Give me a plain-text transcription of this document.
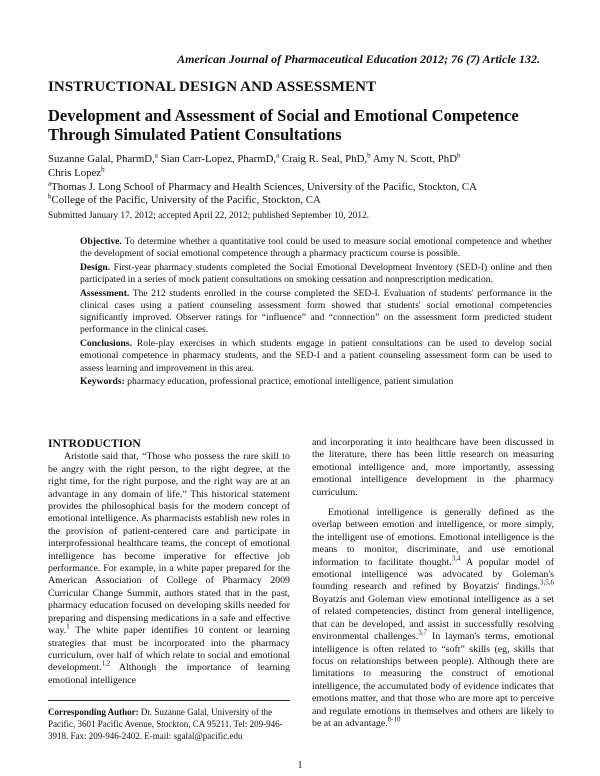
American Journal of Pharmaceutical Education 2012; 76 (7) Article 132.
INSTRUCTIONAL DESIGN AND ASSESSMENT
Development and Assessment of Social and Emotional Competence Through Simulated Patient Consultations
Suzanne Galal, PharmD,$^a$ Sian Carr-Lopez, PharmD,$^a$ Craig R. Seal, PhD,$^b$ Amy N. Scott, PhD$^b$
Chris Lopez$^b$
$^a$Thomas J. Long School of Pharmacy and Health Sciences, University of the Pacific, Stockton, CA
$^b$College of the Pacific, University of the Pacific, Stockton, CA
Submitted January 17, 2012; accepted April 22, 2012; published September 10, 2012.

Objective. To determine whether a quantitative tool could be used to measure social emotional competence and whether the development of social emotional competence through a pharmacy practicum course is possible.

Design. First-year pharmacy students completed the Social Emotional Development Inventory (SED-I) online and then participated in a series of mock patient consultations on smoking cessation and nonprescription medication.

Assessment. The 212 students enrolled in the course completed the SED-I. Evaluation of students' performance in the clinical cases using a patient counseling assessment form showed that students' social emotional competencies significantly improved. Observer ratings for “influence” and “connection” on the assessment form predicted student performance in the clinical cases.

Conclusions. Role-play exercises in which students engage in patient consultations can be used to develop social emotional competence in pharmacy students, and the SED-I and a patient counseling assessment form can be used to assess learning and improvement in this area.

Keywords: pharmacy education, professional practice, emotional intelligence, patient simulation

INTRODUCTION

Aristotle said that, “Those who possess the rare skill to be angry with the right person, to the right degree, at the right time, for the right purpose, and the right way are at an advantage in any domain of life.” This historical statement provides the philosophical basis for the modern concept of emotional intelligence. As pharmacists establish new roles in the provision of patient-centered care and participate in interprofessional healthcare teams, the concept of emotional intelligence has become imperative for effective job performance. For example, in a white paper prepared for the American Association of College of Pharmacy 2009 Curricular Change Summit, authors stated that in the past, pharmacy education focused on developing skills needed for preparing and dispensing medications in a safe and effective way.$^1$ The white paper identifies 10 content or learning strategies that must be incorporated into the pharmacy curriculum, over half of which relate to social and emotional development.$^{1,2}$ Although the importance of learning emotional intelligence

and incorporating it into healthcare have been discussed in the literature, there has been little research on measuring emotional intelligence and, more importantly, assessing emotional intelligence development in the pharmacy curriculum.

Emotional intelligence is generally defined as the overlap between emotion and intelligence, or more simply, the intelligent use of emotions. Emotional intelligence is the means to monitor, discriminate, and use emotional information to facilitate thought.$^{3,4}$ A popular model of emotional intelligence was advocated by Goleman's founding research and refined by Boyatzis' findings.$^{3,5,6}$ Boyatzis and Goleman view emotional intelligence as a set of related competencies, distinct from general intelligence, that can be developed, and assist in successfully resolving environmental challenges.$^{3,7}$ In layman's terms, emotional intelligence is often related to “soft” skills (eg, skills that focus on relationships between people). Although there are limitations to measuring the construct of emotional intelligence, the accumulated body of evidence indicates that emotions matter, and that those who are more apt to perceive and regulate emotions in themselves and others are likely to be at an advantage.$^{8-10}$

Corresponding Author: Dr. Suzanne Galal, University of the Pacific, 3601 Pacific Avenue, Stockton, CA 95211. Tel: 209-946-3918. Fax: 209-946-2402. E-mail: sgalal@pacific.edu
1
